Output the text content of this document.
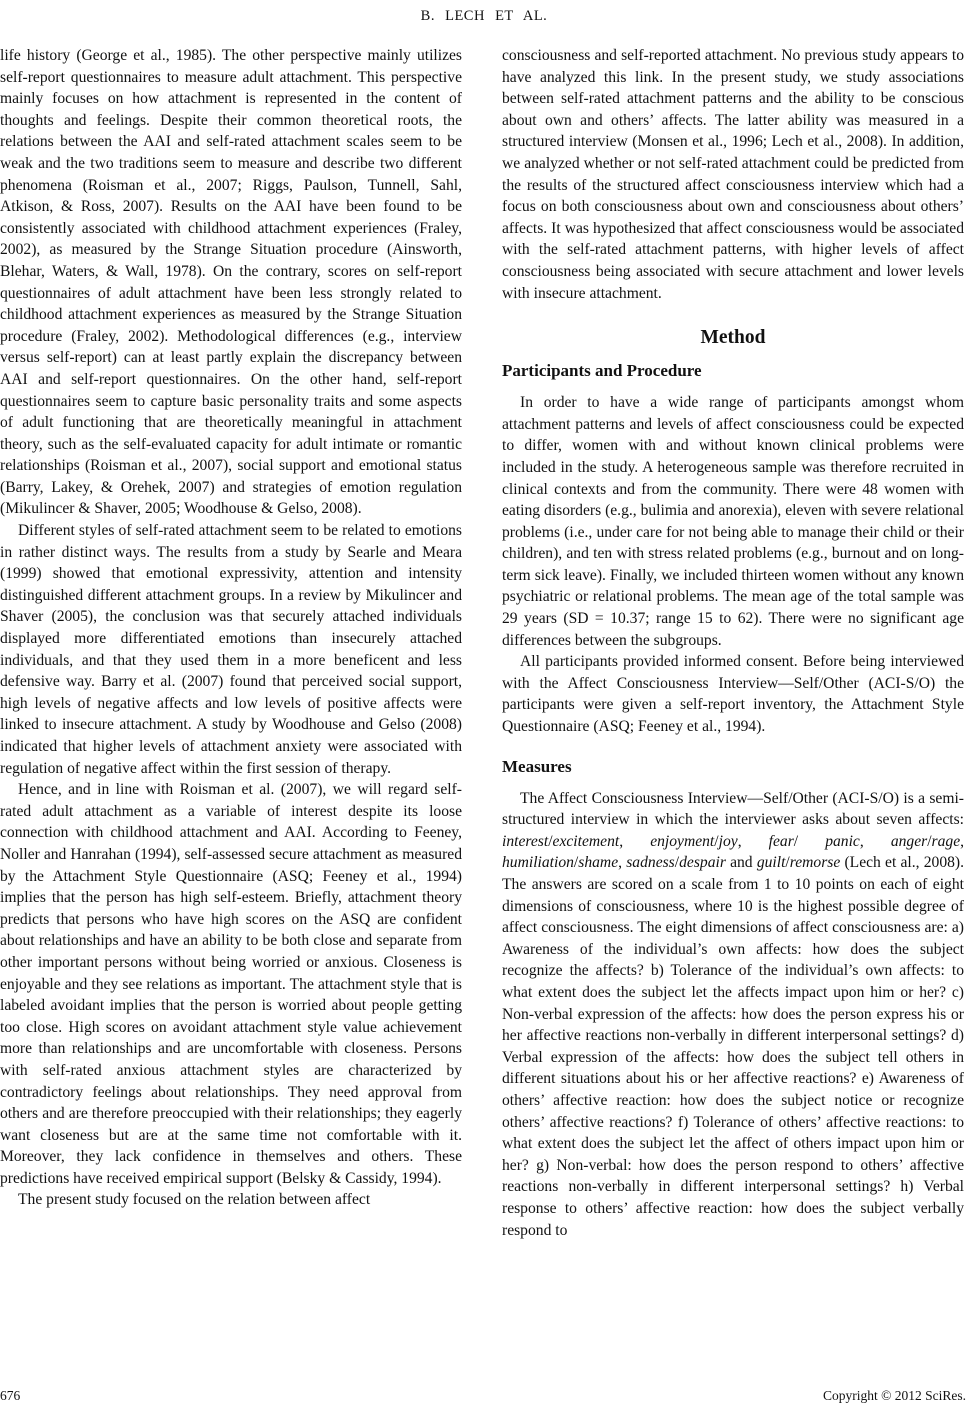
B. LECH ET AL.

life history (George et al., 1985). The other perspective mainly utilizes self-report questionnaires to measure adult attachment. This perspective mainly focuses on how attachment is represented in the content of thoughts and feelings. Despite their common theoretical roots, the relations between the AAI and self-rated attachment scales seem to be weak and the two traditions seem to measure and describe two different phenomena (Roisman et al., 2007; Riggs, Paulson, Tunnell, Sahl, Atkison, & Ross, 2007). Results on the AAI have been found to be consistently associated with childhood attachment experiences (Fraley, 2002), as measured by the Strange Situation procedure (Ainsworth, Blehar, Waters, & Wall, 1978). On the contrary, scores on self-report questionnaires of adult attachment have been less strongly related to childhood attachment experiences as measured by the Strange Situation procedure (Fraley, 2002). Methodological differences (e.g., interview versus self-report) can at least partly explain the discrepancy between AAI and self-report questionnaires. On the other hand, self-report questionnaires seem to capture basic personality traits and some aspects of adult functioning that are theoretically meaningful in attachment theory, such as the self-evaluated capacity for adult intimate or romantic relationships (Roisman et al., 2007), social support and emotional status (Barry, Lakey, & Orehek, 2007) and strategies of emotion regulation (Mikulincer & Shaver, 2005; Woodhouse & Gelso, 2008).

Different styles of self-rated attachment seem to be related to emotions in rather distinct ways. The results from a study by Searle and Meara (1999) showed that emotional expressivity, attention and intensity distinguished different attachment groups. In a review by Mikulincer and Shaver (2005), the conclusion was that securely attached individuals displayed more differentiated emotions than insecurely attached individuals, and that they used them in a more beneficent and less defensive way. Barry et al. (2007) found that perceived social support, high levels of negative affects and low levels of positive affects were linked to insecure attachment. A study by Woodhouse and Gelso (2008) indicated that higher levels of attachment anxiety were associated with regulation of negative affect within the first session of therapy.

Hence, and in line with Roisman et al. (2007), we will regard self-rated adult attachment as a variable of interest despite its loose connection with childhood attachment and AAI. According to Feeney, Noller and Hanrahan (1994), self-assessed secure attachment as measured by the Attachment Style Questionnaire (ASQ; Feeney et al., 1994) implies that the person has high self-esteem. Briefly, attachment theory predicts that persons who have high scores on the ASQ are confident about relationships and have an ability to be both close and separate from other important persons without being worried or anxious. Closeness is enjoyable and they see relations as important. The attachment style that is labeled avoidant implies that the person is worried about people getting too close. High scores on avoidant attachment style value achievement more than relationships and are uncomfortable with closeness. Persons with self-rated anxious attachment styles are characterized by contradictory feelings about relationships. They need approval from others and are therefore preoccupied with their relationships; they eagerly want closeness but are at the same time not comfortable with it. Moreover, they lack confidence in themselves and others. These predictions have received empirical support (Belsky & Cassidy, 1994).

The present study focused on the relation between affect

consciousness and self-reported attachment. No previous study appears to have analyzed this link. In the present study, we study associations between self-rated attachment patterns and the ability to be conscious about own and others’ affects. The latter ability was measured in a structured interview (Monsen et al., 1996; Lech et al., 2008). In addition, we analyzed whether or not self-rated attachment could be predicted from the results of the structured affect consciousness interview which had a focus on both consciousness about own and consciousness about others’ affects. It was hypothesized that affect consciousness would be associated with the self-rated attachment patterns, with higher levels of affect consciousness being associated with secure attachment and lower levels with insecure attachment.

Method
Participants and Procedure

In order to have a wide range of participants amongst whom attachment patterns and levels of affect consciousness could be expected to differ, women with and without known clinical problems were included in the study. A heterogeneous sample was therefore recruited in clinical contexts and from the community. There were 48 women with eating disorders (e.g., bulimia and anorexia), eleven with severe relational problems (i.e., under care for not being able to manage their child or their children), and ten with stress related problems (e.g., burnout and on long-term sick leave). Finally, we included thirteen women without any known psychiatric or relational problems. The mean age of the total sample was 29 years (SD = 10.37; range 15 to 62). There were no significant age differences between the subgroups.

All participants provided informed consent. Before being interviewed with the Affect Consciousness Interview—Self/Other (ACI-S/O) the participants were given a self-report inventory, the Attachment Style Questionnaire (ASQ; Feeney et al., 1994).

Measures

The Affect Consciousness Interview—Self/Other (ACI-S/O) is a semi-structured interview in which the interviewer asks about seven affects: interest/excitement, enjoyment/joy, fear/ panic, anger/rage, humiliation/shame, sadness/despair and guilt/remorse (Lech et al., 2008). The answers are scored on a scale from 1 to 10 points on each of eight dimensions of consciousness, where 10 is the highest possible degree of affect consciousness. The eight dimensions of affect consciousness are: a) Awareness of the individual’s own affects: how does the subject recognize the affects? b) Tolerance of the individual’s own affects: to what extent does the subject let the affects impact upon him or her? c) Non-verbal expression of the affects: how does the person express his or her affective reactions non-verbally in different interpersonal settings? d) Verbal expression of the affects: how does the subject tell others in different situations about his or her affective reactions? e) Awareness of others’ affective reaction: how does the subject notice or recognize others’ affective reactions? f) Tolerance of others’ affective reactions: to what extent does the subject let the affect of others impact upon him or her? g) Non-verbal: how does the person respond to others’ affective reactions non-verbally in different interpersonal settings? h) Verbal response to others’ affective reaction: how does the subject verbally respond to

676	Copyright © 2012 SciRes.
